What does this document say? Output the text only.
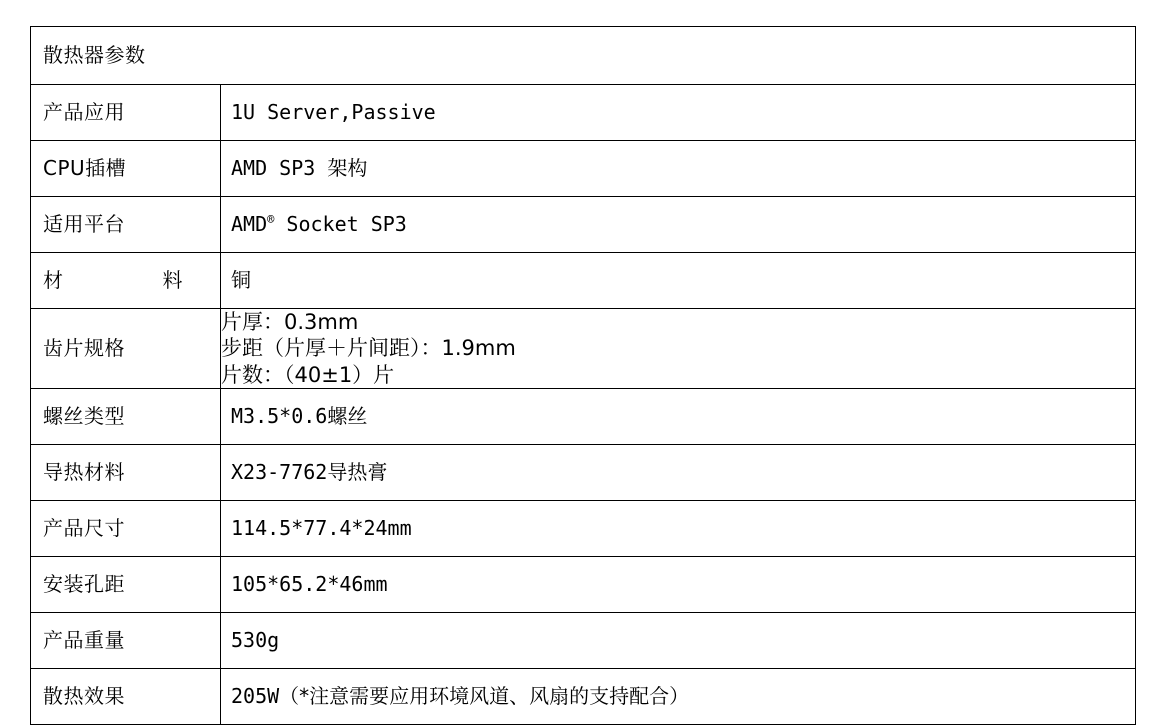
散热器参数	
产品应用	1U Server,Passive
CPU插槽	AMD SP3 架构
适用平台	AMD® Socket SP3
材　　料	铜
齿片规格	片厚：0.3mm
步距（片厚＋片间距）：1.9mm
片数：（40±1）片

螺丝类型	M3.5*0.6螺丝
导热材料	X23-7762导热膏
产品尺寸	114.5*77.4*24mm
安装孔距	105*65.2*46mm
产品重量	530g
散热效果	205W（*注意需要应用环境风道、风扇的支持配合）
